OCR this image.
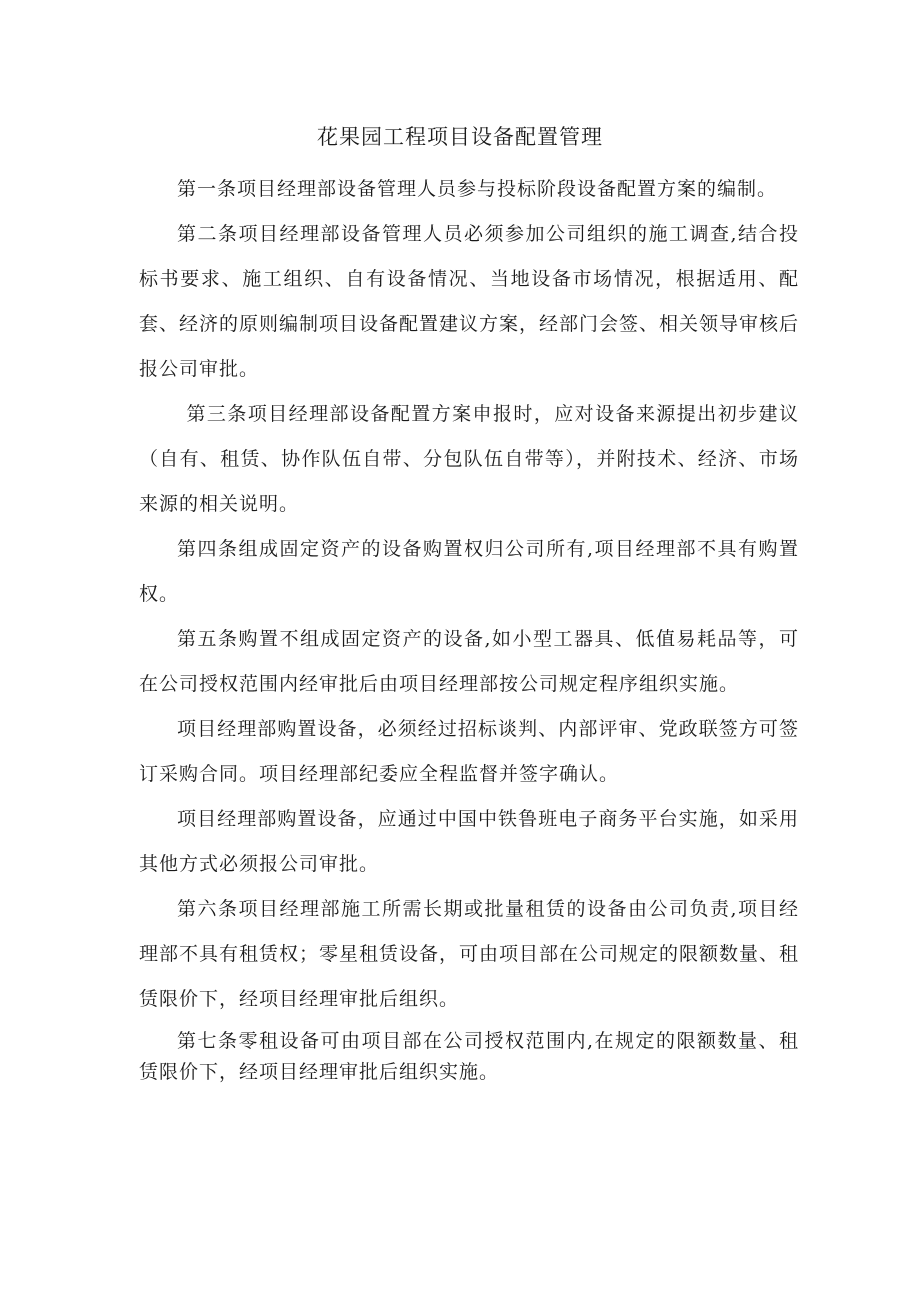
花果园工程项目设备配置管理

第一条项目经理部设备管理人员参与投标阶段设备配置方案的编制。

第二条项目经理部设备管理人员必须参加公司组织的施工调查,结合投标书要求、施工组织、自有设备情况、当地设备市场情况，根据适用、配套、经济的原则编制项目设备配置建议方案，经部门会签、相关领导审核后报公司审批。

第三条项目经理部设备配置方案申报时，应对设备来源提出初步建议（自有、租赁、协作队伍自带、分包队伍自带等），并附技术、经济、市场来源的相关说明。

第四条组成固定资产的设备购置权归公司所有,项目经理部不具有购置权。

第五条购置不组成固定资产的设备,如小型工器具、低值易耗品等，可在公司授权范围内经审批后由项目经理部按公司规定程序组织实施。

项目经理部购置设备，必须经过招标谈判、内部评审、党政联签方可签订采购合同。项目经理部纪委应全程监督并签字确认。

项目经理部购置设备，应通过中国中铁鲁班电子商务平台实施，如采用其他方式必须报公司审批。

第六条项目经理部施工所需长期或批量租赁的设备由公司负责,项目经理部不具有租赁权；零星租赁设备，可由项目部在公司规定的限额数量、租赁限价下，经项目经理审批后组织。

第七条零租设备可由项目部在公司授权范围内,在规定的限额数量、租赁限价下，经项目经理审批后组织实施。
